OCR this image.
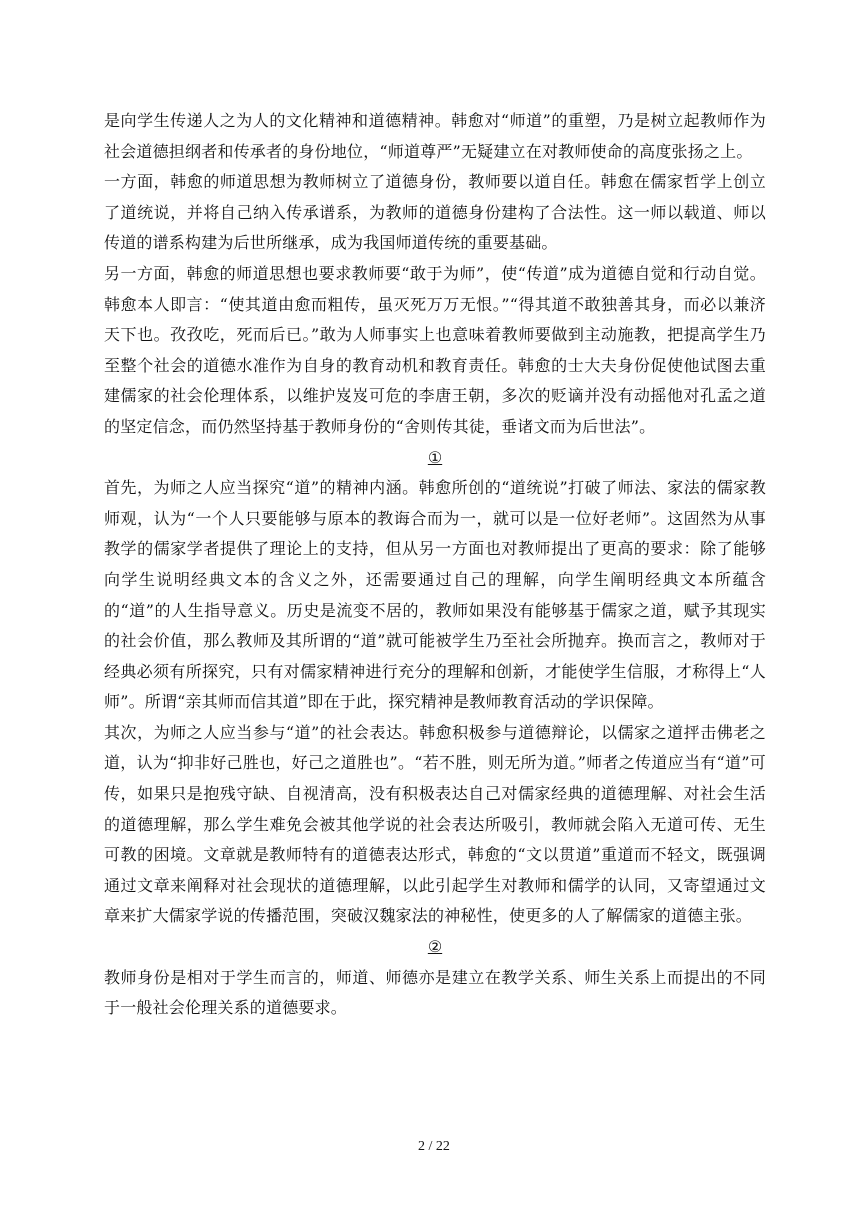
是向学生传递人之为人的文化精神和道德精神。韩愈对“师道”的重塑，乃是树立起教师作为社会道德担纲者和传承者的身份地位，“师道尊严”无疑建立在对教师使命的高度张扬之上。

一方面，韩愈的师道思想为教师树立了道德身份，教师要以道自任。韩愈在儒家哲学上创立了道统说，并将自己纳入传承谱系，为教师的道德身份建构了合法性。这一师以载道、师以传道的谱系构建为后世所继承，成为我国师道传统的重要基础。

另一方面，韩愈的师道思想也要求教师要“敢于为师”，使“传道”成为道德自觉和行动自觉。韩愈本人即言：“使其道由愈而粗传，虽灭死万万无恨。”“得其道不敢独善其身，而必以兼济天下也。孜孜吃，死而后已。”敢为人师事实上也意味着教师要做到主动施教，把提高学生乃至整个社会的道德水准作为自身的教育动机和教育责任。韩愈的士大夫身份促使他试图去重建儒家的社会伦理体系，以维护岌岌可危的李唐王朝，多次的贬谪并没有动摇他对孔孟之道的坚定信念，而仍然坚持基于教师身份的“舍则传其徒，垂诸文而为后世法”。

①

首先，为师之人应当探究“道”的精神内涵。韩愈所创的“道统说”打破了师法、家法的儒家教师观，认为“一个人只要能够与原本的教诲合而为一，就可以是一位好老师”。这固然为从事教学的儒家学者提供了理论上的支持，但从另一方面也对教师提出了更高的要求：除了能够向学生说明经典文本的含义之外，还需要通过自己的理解，向学生阐明经典文本所蕴含的“道”的人生指导意义。历史是流变不居的，教师如果没有能够基于儒家之道，赋予其现实的社会价值，那么教师及其所谓的“道”就可能被学生乃至社会所抛弃。换而言之，教师对于经典必须有所探究，只有对儒家精神进行充分的理解和创新，才能使学生信服，才称得上“人师”。所谓“亲其师而信其道”即在于此，探究精神是教师教育活动的学识保障。

其次，为师之人应当参与“道”的社会表达。韩愈积极参与道德辩论，以儒家之道抨击佛老之道，认为“抑非好己胜也，好己之道胜也”。“若不胜，则无所为道。”师者之传道应当有“道”可传，如果只是抱残守缺、自视清高，没有积极表达自己对儒家经典的道德理解、对社会生活的道德理解，那么学生难免会被其他学说的社会表达所吸引，教师就会陷入无道可传、无生可教的困境。文章就是教师特有的道德表达形式，韩愈的“文以贯道”重道而不轻文，既强调通过文章来阐释对社会现状的道德理解，以此引起学生对教师和儒学的认同，又寄望通过文章来扩大儒家学说的传播范围，突破汉魏家法的神秘性，使更多的人了解儒家的道德主张。

②

教师身份是相对于学生而言的，师道、师德亦是建立在教学关系、师生关系上而提出的不同于一般社会伦理关系的道德要求。

2 / 22
